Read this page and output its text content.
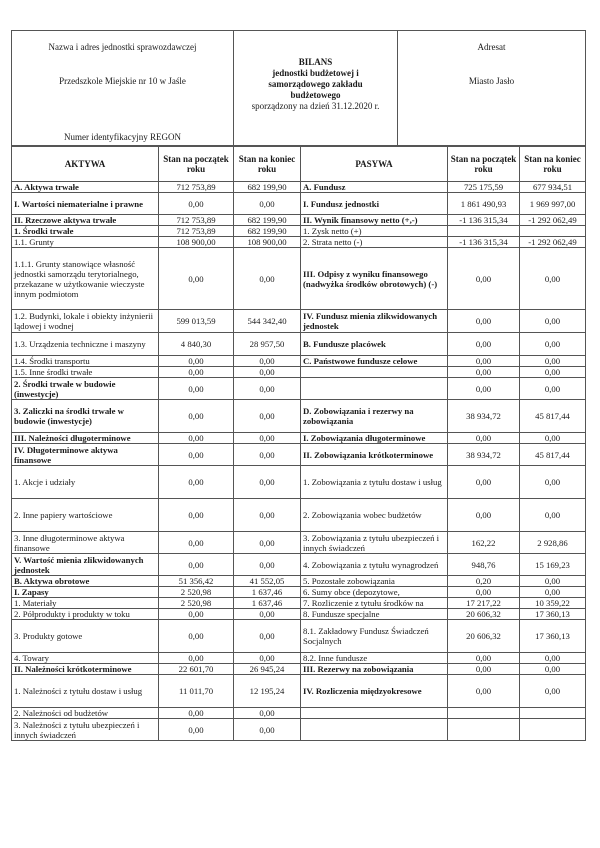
Nazwa i adres jednostki sprawozdawczej
Przedszkole Miejskie nr 10 w Jaśle
Numer identyfikacyjny REGON

BILANS
jednostki budżetowej i
samorządowego zakładu
budżetowego
sporządzony na dzień 31.12.2020 r.

Adresat
Miasto Jasło
AKTYWA	Stan na początek roku	Stan na koniec roku	PASYWA	Stan na początek roku	Stan na koniec roku
A. Aktywa trwałe	712 753,89	682 199,90	A. Fundusz	725 175,59	677 934,51
I. Wartości niematerialne i prawne	0,00	0,00	I. Fundusz jednostki	1 861 490,93	1 969 997,00
II. Rzeczowe aktywa trwałe	712 753,89	682 199,90	II. Wynik finansowy netto (+,-)	-1 136 315,34	-1 292 062,49
1. Środki trwałe	712 753,89	682 199,90	1. Zysk netto (+)		
1.1. Grunty	108 900,00	108 900,00	2. Strata netto (-)	-1 136 315,34	-1 292 062,49
1.1.1. Grunty stanowiące własność jednostki samorządu terytorialnego, przekazane w użytkowanie wieczyste innym podmiotom	0,00	0,00	III. Odpisy z wyniku finansowego (nadwyżka środków obrotowych) (-)	0,00	0,00
1.2. Budynki, lokale i obiekty inżynierii lądowej i wodnej	599 013,59	544 342,40	IV. Fundusz mienia zlikwidowanych jednostek	0,00	0,00
1.3. Urządzenia techniczne i maszyny	4 840,30	28 957,50	B. Fundusze placówek	0,00	0,00
1.4. Środki transportu	0,00	0,00	C. Państwowe fundusze celowe	0,00	0,00
1.5. Inne środki trwałe	0,00	0,00		0,00	0,00
2. Środki trwałe w budowie (inwestycje)	0,00	0,00		0,00	0,00
3. Zaliczki na środki trwałe w budowie (inwestycje)	0,00	0,00	D. Zobowiązania i rezerwy na zobowiązania	38 934,72	45 817,44
III. Należności długoterminowe	0,00	0,00	I. Zobowiązania długoterminowe	0,00	0,00
IV. Długoterminowe aktywa finansowe	0,00	0,00	II. Zobowiązania krótkoterminowe	38 934,72	45 817,44
1. Akcje i udziały	0,00	0,00	1. Zobowiązania z tytułu dostaw i usług	0,00	0,00
2. Inne papiery wartościowe	0,00	0,00	2. Zobowiązania wobec budżetów	0,00	0,00
3. Inne długoterminowe aktywa finansowe	0,00	0,00	3. Zobowiązania z tytułu ubezpieczeń i innych świadczeń	162,22	2 928,86
V. Wartość mienia zlikwidowanych jednostek	0,00	0,00	4. Zobowiązania z tytułu wynagrodzeń	948,76	15 169,23
B. Aktywa obrotowe	51 356,42	41 552,05	5. Pozostałe zobowiązania	0,20	0,00
I. Zapasy	2 520,98	1 637,46	6. Sumy obce (depozytowe,	0,00	0,00
1. Materiały	2 520,98	1 637,46	7. Rozliczenie z tytułu środków na	17 217,22	10 359,22
2. Półprodukty i produkty w toku	0,00	0,00	8. Fundusze specjalne	20 606,32	17 360,13
3. Produkty gotowe	0,00	0,00	8.1. Zakładowy Fundusz Świadczeń Socjalnych	20 606,32	17 360,13
4. Towary	0,00	0,00	8.2. Inne fundusze	0,00	0,00
II. Należności krótkoterminowe	22 601,70	26 945,24	III. Rezerwy na zobowiązania	0,00	0,00
1. Należności z tytułu dostaw i usług	11 011,70	12 195,24	IV. Rozliczenia międzyokresowe	0,00	0,00
2. Należności od budżetów	0,00	0,00			
3. Należności z tytułu ubezpieczeń i innych świadczeń	0,00	0,00			
